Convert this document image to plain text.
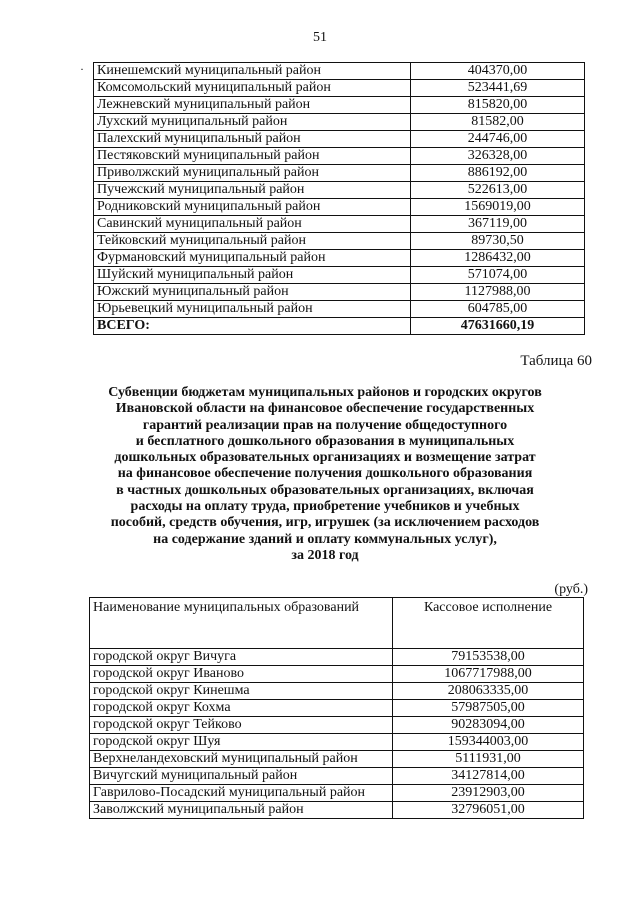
51
· Кинешемский муниципальный район	404370,00
Комсомольский муниципальный район	523441,69
Лежневский муниципальный район	815820,00
Лухский муниципальный район	81582,00
Палехский муниципальный район	244746,00
Пестяковский муниципальный район	326328,00
Приволжский муниципальный район	886192,00
Пучежский муниципальный район	522613,00
Родниковский муниципальный район	1569019,00
Савинский муниципальный район	367119,00
Тейковский муниципальный район	89730,50
Фурмановский муниципальный район	1286432,00
Шуйский муниципальный район	571074,00
Южский муниципальный район	1127988,00
Юрьевецкий муниципальный район	604785,00
ВСЕГО:	47631660,19
Таблица 60
Субвенции бюджетам муниципальных районов и городских округов
Ивановской области на финансовое обеспечение государственных
гарантий реализации прав на получение общедоступного
и бесплатного дошкольного образования в муниципальных
дошкольных образовательных организациях и возмещение затрат
на финансовое обеспечение получения дошкольного образования
в частных дошкольных образовательных организациях, включая
расходы на оплату труда, приобретение учебников и учебных
пособий, средств обучения, игр, игрушек (за исключением расходов
на содержание зданий и оплату коммунальных услуг),
за 2018 год
(руб.)
Наименование муниципальных образований	Кассовое исполнение
городской округ Вичуга	79153538,00
городской округ Иваново	1067717988,00
городской округ Кинешма	208063335,00
городской округ Кохма	57987505,00
городской округ Тейково	90283094,00
городской округ Шуя	159344003,00
Верхнеландеховский муниципальный район	5111931,00
Вичугский муниципальный район	34127814,00
Гаврилово-Посадский муниципальный район	23912903,00
Заволжский муниципальный район	32796051,00
